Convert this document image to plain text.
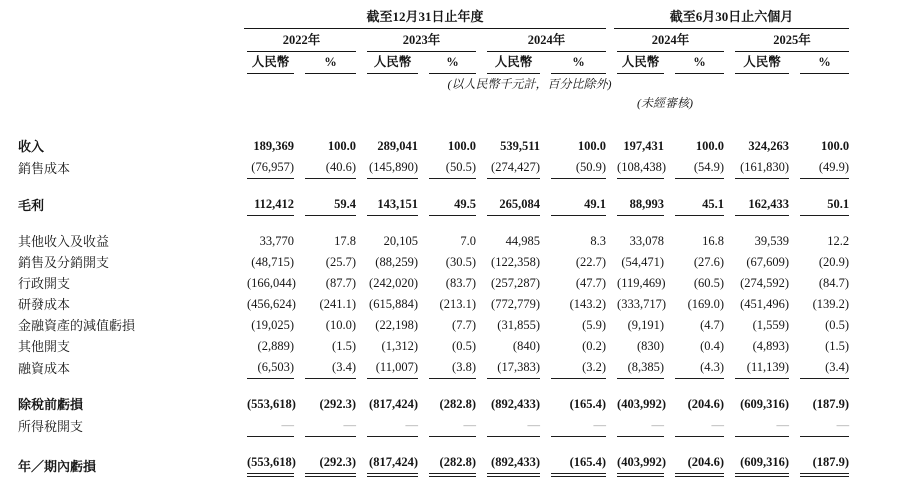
	截至12月31日止年度						截至6月30日止六個月			

	2022年		2023年		2024年		2024年		2025年	

	人民幣	%	人民幣	%	人民幣	%	人民幣	%	人民幣	%

	(以人民幣千元計，百分比除外)									
							(未經審核)			
收入	189,369	100.0	289,041	100.0	539,511	100.0	197,431	100.0	324,263	100.0

銷售成本	(76,957)	(40.6)	(145,890)	(50.5)	(274,427)	(50.9)	(108,438)	(54.9)	(161,830)	(49.9)

毛利	112,412	59.4	143,151	49.5	265,084	49.1	88,993	45.1	162,433	50.1

其他收入及收益	33,770	17.8	20,105	7.0	44,985	8.3	33,078	16.8	39,539	12.2

銷售及分銷開支	(48,715)	(25.7)	(88,259)	(30.5)	(122,358)	(22.7)	(54,471)	(27.6)	(67,609)	(20.9)

行政開支	(166,044)	(87.7)	(242,020)	(83.7)	(257,287)	(47.7)	(119,469)	(60.5)	(274,592)	(84.7)

研發成本	(456,624)	(241.1)	(615,884)	(213.1)	(772,779)	(143.2)	(333,717)	(169.0)	(451,496)	(139.2)

金融資產的減值虧損	(19,025)	(10.0)	(22,198)	(7.7)	(31,855)	(5.9)	(9,191)	(4.7)	(1,559)	(0.5)

其他開支	(2,889)	(1.5)	(1,312)	(0.5)	(840)	(0.2)	(830)	(0.4)	(4,893)	(1.5)

融資成本	(6,503)	(3.4)	(11,007)	(3.8)	(17,383)	(3.2)	(8,385)	(4.3)	(11,139)	(3.4)

除稅前虧損	(553,618)	(292.3)	(817,424)	(282.8)	(892,433)	(165.4)	(403,992)	(204.6)	(609,316)	(187.9)

所得稅開支	—	—	—	—	—	—	—	—	—	—

年／期內虧損	(553,618)	(292.3)	(817,424)	(282.8)	(892,433)	(165.4)	(403,992)	(204.6)	(609,316)	(187.9)
